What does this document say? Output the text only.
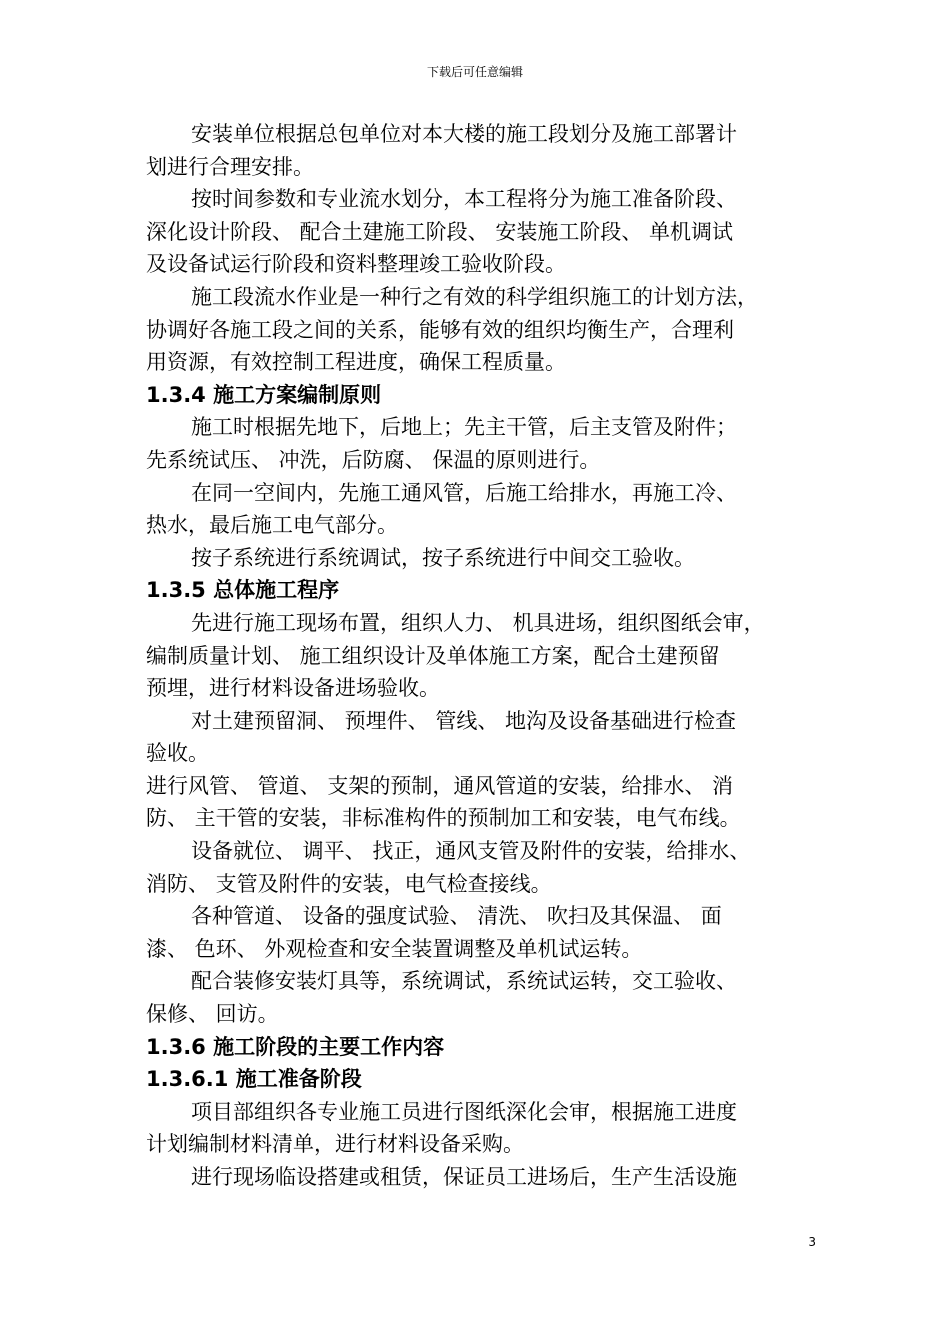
下载后可任意编辑

安装单位根据总包单位对本大楼的施工段划分及施工部署计

划进行合理安排。

按时间参数和专业流水划分，本工程将分为施工准备阶段、

深化设计阶段、 配合土建施工阶段、 安装施工阶段、 单机调试

及设备试运行阶段和资料整理竣工验收阶段。

施工段流水作业是一种行之有效的科学组织施工的计划方法，

协调好各施工段之间的关系，能够有效的组织均衡生产，合理利

用资源，有效控制工程进度，确保工程质量。

1.3.4 施工方案编制原则

施工时根据先地下，后地上；先主干管，后主支管及附件；

先系统试压、 冲洗，后防腐、 保温的原则进行。

在同一空间内，先施工通风管，后施工给排水，再施工冷、

热水，最后施工电气部分。

按子系统进行系统调试，按子系统进行中间交工验收。

1.3.5 总体施工程序

先进行施工现场布置，组织人力、 机具进场，组织图纸会审，

编制质量计划、 施工组织设计及单体施工方案，配合土建预留

预埋，进行材料设备进场验收。

对土建预留洞、 预埋件、 管线、 地沟及设备基础进行检查

验收。

进行风管、 管道、 支架的预制，通风管道的安装，给排水、 消

防、 主干管的安装，非标准构件的预制加工和安装，电气布线。

设备就位、 调平、 找正，通风支管及附件的安装，给排水、

消防、 支管及附件的安装，电气检查接线。

各种管道、 设备的强度试验、 清洗、 吹扫及其保温、 面

漆、 色环、 外观检查和安全装置调整及单机试运转。

配合装修安装灯具等，系统调试，系统试运转，交工验收、

保修、 回访。

1.3.6 施工阶段的主要工作内容

1.3.6.1 施工准备阶段

项目部组织各专业施工员进行图纸深化会审，根据施工进度

计划编制材料清单，进行材料设备采购。

进行现场临设搭建或租赁，保证员工进场后，生产生活设施

3
